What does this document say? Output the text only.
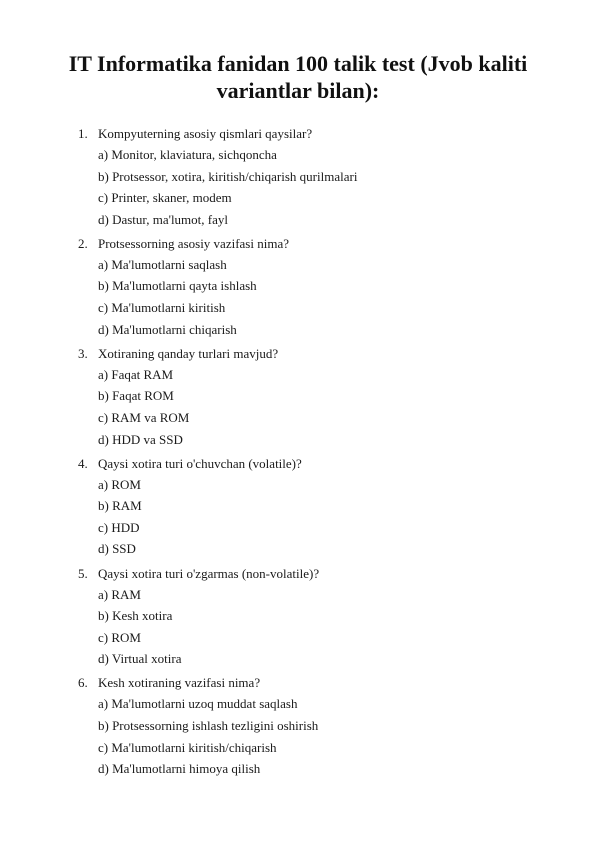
IT Informatika fanidan 100 talik test (Jvob kaliti variantlar bilan):
1. Kompyuterning asosiy qismlari qaysilar?
a) Monitor, klaviatura, sichqoncha
b) Protsessor, xotira, kiritish/chiqarish qurilmalari
c) Printer, skaner, modem
d) Dastur, ma'lumot, fayl
2. Protsessorning asosiy vazifasi nima?
a) Ma'lumotlarni saqlash
b) Ma'lumotlarni qayta ishlash
c) Ma'lumotlarni kiritish
d) Ma'lumotlarni chiqarish
3. Xotiraning qanday turlari mavjud?
a) Faqat RAM
b) Faqat ROM
c) RAM va ROM
d) HDD va SSD
4. Qaysi xotira turi o'chuvchan (volatile)?
a) ROM
b) RAM
c) HDD
d) SSD
5. Qaysi xotira turi o'zgarmas (non-volatile)?
a) RAM
b) Kesh xotira
c) ROM
d) Virtual xotira
6. Kesh xotiraning vazifasi nima?
a) Ma'lumotlarni uzoq muddat saqlash
b) Protsessorning ishlash tezligini oshirish
c) Ma'lumotlarni kiritish/chiqarish
d) Ma'lumotlarni himoya qilish
